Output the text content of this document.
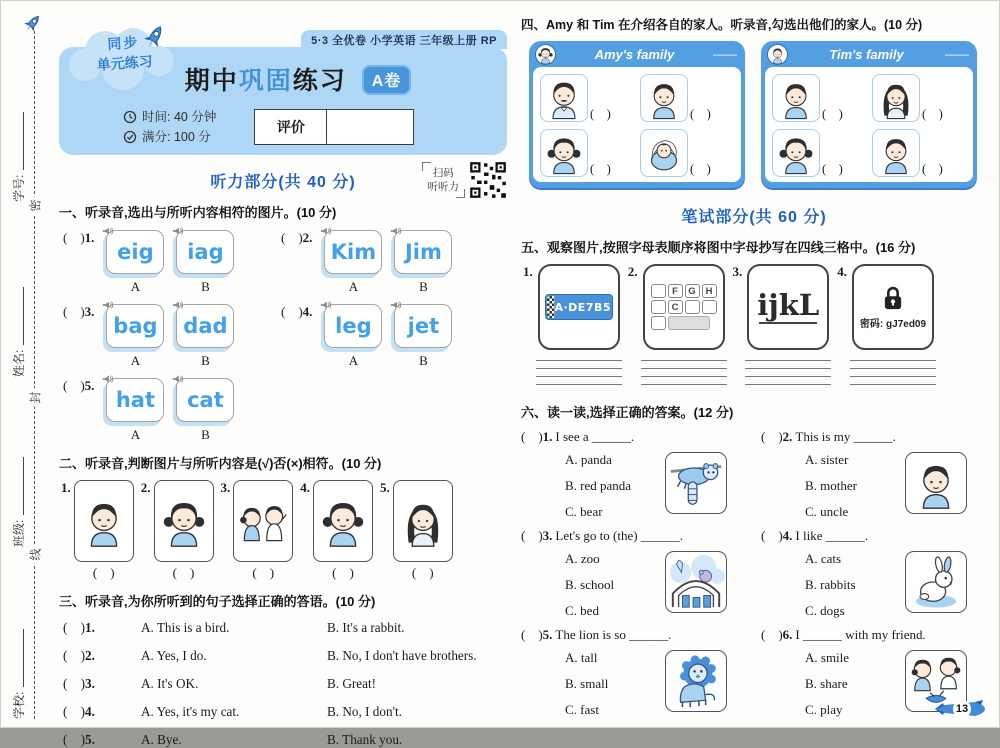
密
封
线
学号:
姓名:
班级:
学校:
5·3 全优卷 小学英语 三年级上册 RP
同步
单元练习
期中巩固练习 A卷
时间: 40 分钟
满分: 100 分
评价
听力部分(共 40 分)
扫码
听听力
一、听录音,选出与所听内容相符的图片。(10 分)
(    ) 1.
eig
A
iag
B
(    ) 2.
Kim
A
Jim
B
(    ) 3.
bag
A
dad
B
(    ) 4.
leg
A
jet
B
(    ) 5.
hat
A
cat
B
二、听录音,判断图片与所听内容是(√)否(×)相符。(10 分)
1.
(    )
2.
(    )
3.
(    )
4.
(    )
5.
(    )
三、听录音,为你所听到的句子选择正确的答语。(10 分)
(    )1.	A. This is a bird.	B. It's a rabbit.
(    )2.	A. Yes, I do.	B. No, I don't have brothers.
(    )3.	A. It's OK.	B. Great!
(    )4.	A. Yes, it's my cat.	B. No, I don't.
(    )5.	A. Bye.	B. Thank you.
四、Amy 和 Tim 在介绍各自的家人。听录音,勾选出他们的家人。(10 分)
Amy's family	——
(    )	(    )
(    )	(    )
Tim's family	——
(    )	(    )
(    )	(    )
笔试部分(共 60 分)
五、观察图片,按照字母表顺序将图中字母抄写在四线三格中。(16 分)
1.
A·DE7B5
2.
F	G	H
C
3.
ijkL
4.
密码: gJ7ed09
六、读一读,选择正确的答案。(12 分)
(    )1. I see a ______.
A. panda
B. red panda
C. bear
(    )2. This is my ______.
A. sister
B. mother
C. uncle
(    )3. Let's go to (the) ______.
A. zoo
B. school
C. bed
(    )4. I like ______.
A. cats
B. rabbits
C. dogs
(    )5. The lion is so ______.
A. tall
B. small
C. fast
(    )6. I ______ with my friend.
A. smile
B. share
C. play	13
